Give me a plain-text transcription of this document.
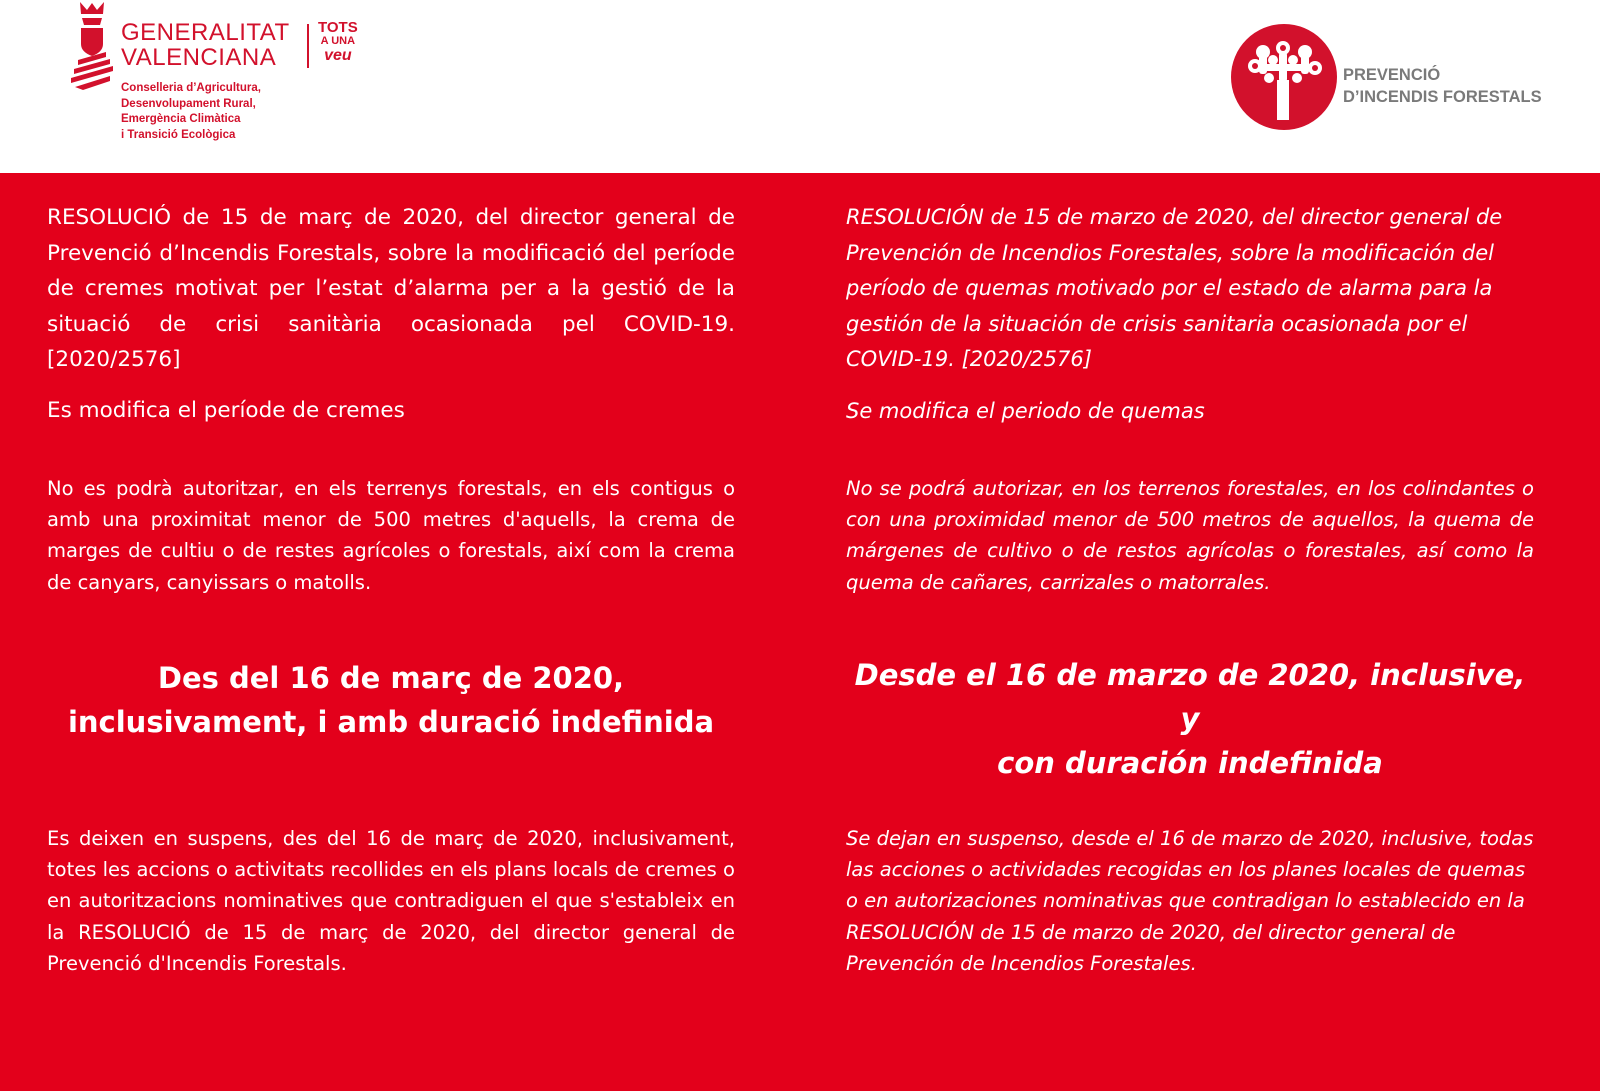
GENERALITAT
VALENCIANA
TOTS
A UNA
veu
Conselleria d’Agricultura,
Desenvolupament Rural,
Emergència Climàtica
i Transició Ecològica
PREVENCIÓ
D’INCENDIS FORESTALS

RESOLUCIÓ de 15 de març de 2020, del director general de Prevenció d’Incendis Forestals, sobre la modificació del període de cremes motivat per l’estat d’alarma per a la gestió de la situació de crisi sanitària ocasionada pel COVID-19. [2020/2576]

Es modifica el període de cremes

No es podrà autoritzar, en els terrenys forestals, en els contigus o amb una proximitat menor de 500 metres d'aquells, la crema de marges de cultiu o de restes agrícoles o forestals, així com la crema de canyars, canyissars o matolls.

Des del 16 de març de 2020,
inclusivament, i amb duració indefinida

Es deixen en suspens, des del 16 de març de 2020, inclusivament, totes les accions o activitats recollides en els plans locals de cremes o en autoritzacions nominatives que contradiguen el que s'estableix en la RESOLUCIÓ de 15 de març de 2020, del director general de Prevenció d'Incendis Forestals.

RESOLUCIÓN de 15 de marzo de 2020, del director general de Prevención de Incendios Forestales, sobre la modificación del período de quemas motivado por el estado de alarma para la gestión de la situación de crisis sanitaria ocasionada por el COVID-19. [2020/2576]

Se modifica el periodo de quemas

No se podrá autorizar, en los terrenos forestales, en los colindantes o con una proximidad menor de 500 metros de aquellos, la quema de márgenes de cultivo o de restos agrícolas o forestales, así como la quema de cañares, carrizales o matorrales.

Desde el 16 de marzo de 2020, inclusive, y
con duración indefinida

Se dejan en suspenso, desde el 16 de marzo de 2020, inclusive, todas las acciones o actividades recogidas en los planes locales de quemas o en autorizaciones nominativas que contradigan lo establecido en la RESOLUCIÓN de 15 de marzo de 2020, del director general de Prevención de Incendios Forestales.
